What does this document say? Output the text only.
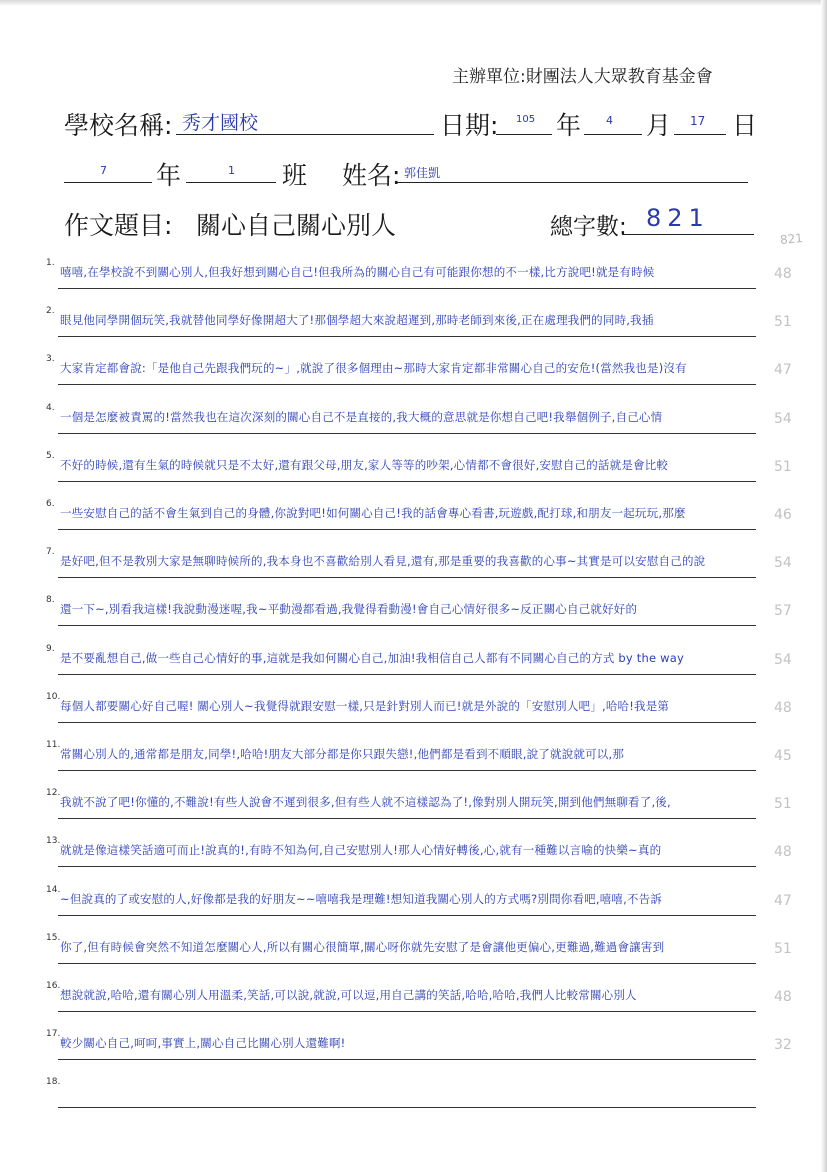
主辦單位:財團法人大眾教育基金會
學校名稱: 秀才國校	日期: 105 年 4 月 17 日
7 年	1 班 姓名: 郭佳凱
作文題目: 關心自己關心別人	總字數: 821
821
1.
嘻嘻,在學校說不到關心別人,但我好想到關心自己!但我所為的關心自己有可能跟你想的不一樣,比方說吧!就是有時候	48
2.
眼見他同學開個玩笑,我就替他同學好像開超大了!那個學超大來說超遲到,那時老師到來後,正在處理我們的同時,我插	51
3.
大家肯定都會說:「是他自己先跟我們玩的~」,就說了很多個理由~那時大家肯定都非常關心自己的安危!(當然我也是)沒有	47
4.
一個是怎麼被責罵的!當然我也在這次深刻的關心自己不是直接的,我大概的意思就是你想自己吧!我舉個例子,自己心情	54
5.
不好的時候,還有生氣的時候就只是不太好,還有跟父母,朋友,家人等等的吵架,心情都不會很好,安慰自己的話就是會比較	51
6.
一些安慰自己的話不會生氣到自己的身體,你說對吧!如何關心自己!我的話會專心看書,玩遊戲,配打球,和朋友一起玩玩,那麼	46
7.
是好吧,但不是教別大家是無聊時候所的,我本身也不喜歡給別人看見,還有,那是重要的我喜歡的心事~其實是可以安慰自己的說	54
8.
還一下~,別看我這樣!我說動漫迷喔,我~平動漫都看過,我覺得看動漫!會自己心情好很多~反正關心自己就好好的	57
9.
是不要亂想自己,做一些自己心情好的事,這就是我如何關心自己,加油!我相信自己人都有不同關心自己的方式 by the way	54
10.
每個人都要關心好自己喔! 關心別人~我覺得就跟安慰一樣,只是針對別人而已!就是外說的「安慰別人吧」,哈哈!我是第	48
11.
常關心別人的,通常都是朋友,同學!,哈哈!朋友大部分都是你只跟失戀!,他們都是看到不順眼,說了就說就可以,那	45
12.
我就不說了吧!你懂的,不難說!有些人說會不遲到很多,但有些人就不這樣認為了!,像對別人開玩笑,開到他們無聊看了,後,	51
13.
就就是像這樣笑話適可而止!說真的!,有時不知為何,自己安慰別人!那人心情好轉後,心,就有一種難以言喻的快樂~真的	48
14.
~但說真的了或安慰的人,好像都是我的好朋友~~嘻嘻我是理難!想知道我關心別人的方式嗎?別問你看吧,嘻嘻,不告訴	47
15.
你了,但有時候會突然不知道怎麼關心人,所以有關心很簡單,關心呀你就先安慰了是會讓他更偏心,更難過,難過會讓害到	51
16.
想說就說,哈哈,還有關心別人用溫柔,笑話,可以說,就說,可以逗,用自己講的笑話,哈哈,哈哈,我們人比較常關心別人	48
17.
較少關心自己,呵呵,事實上,關心自己比關心別人還難啊!	32
18.
